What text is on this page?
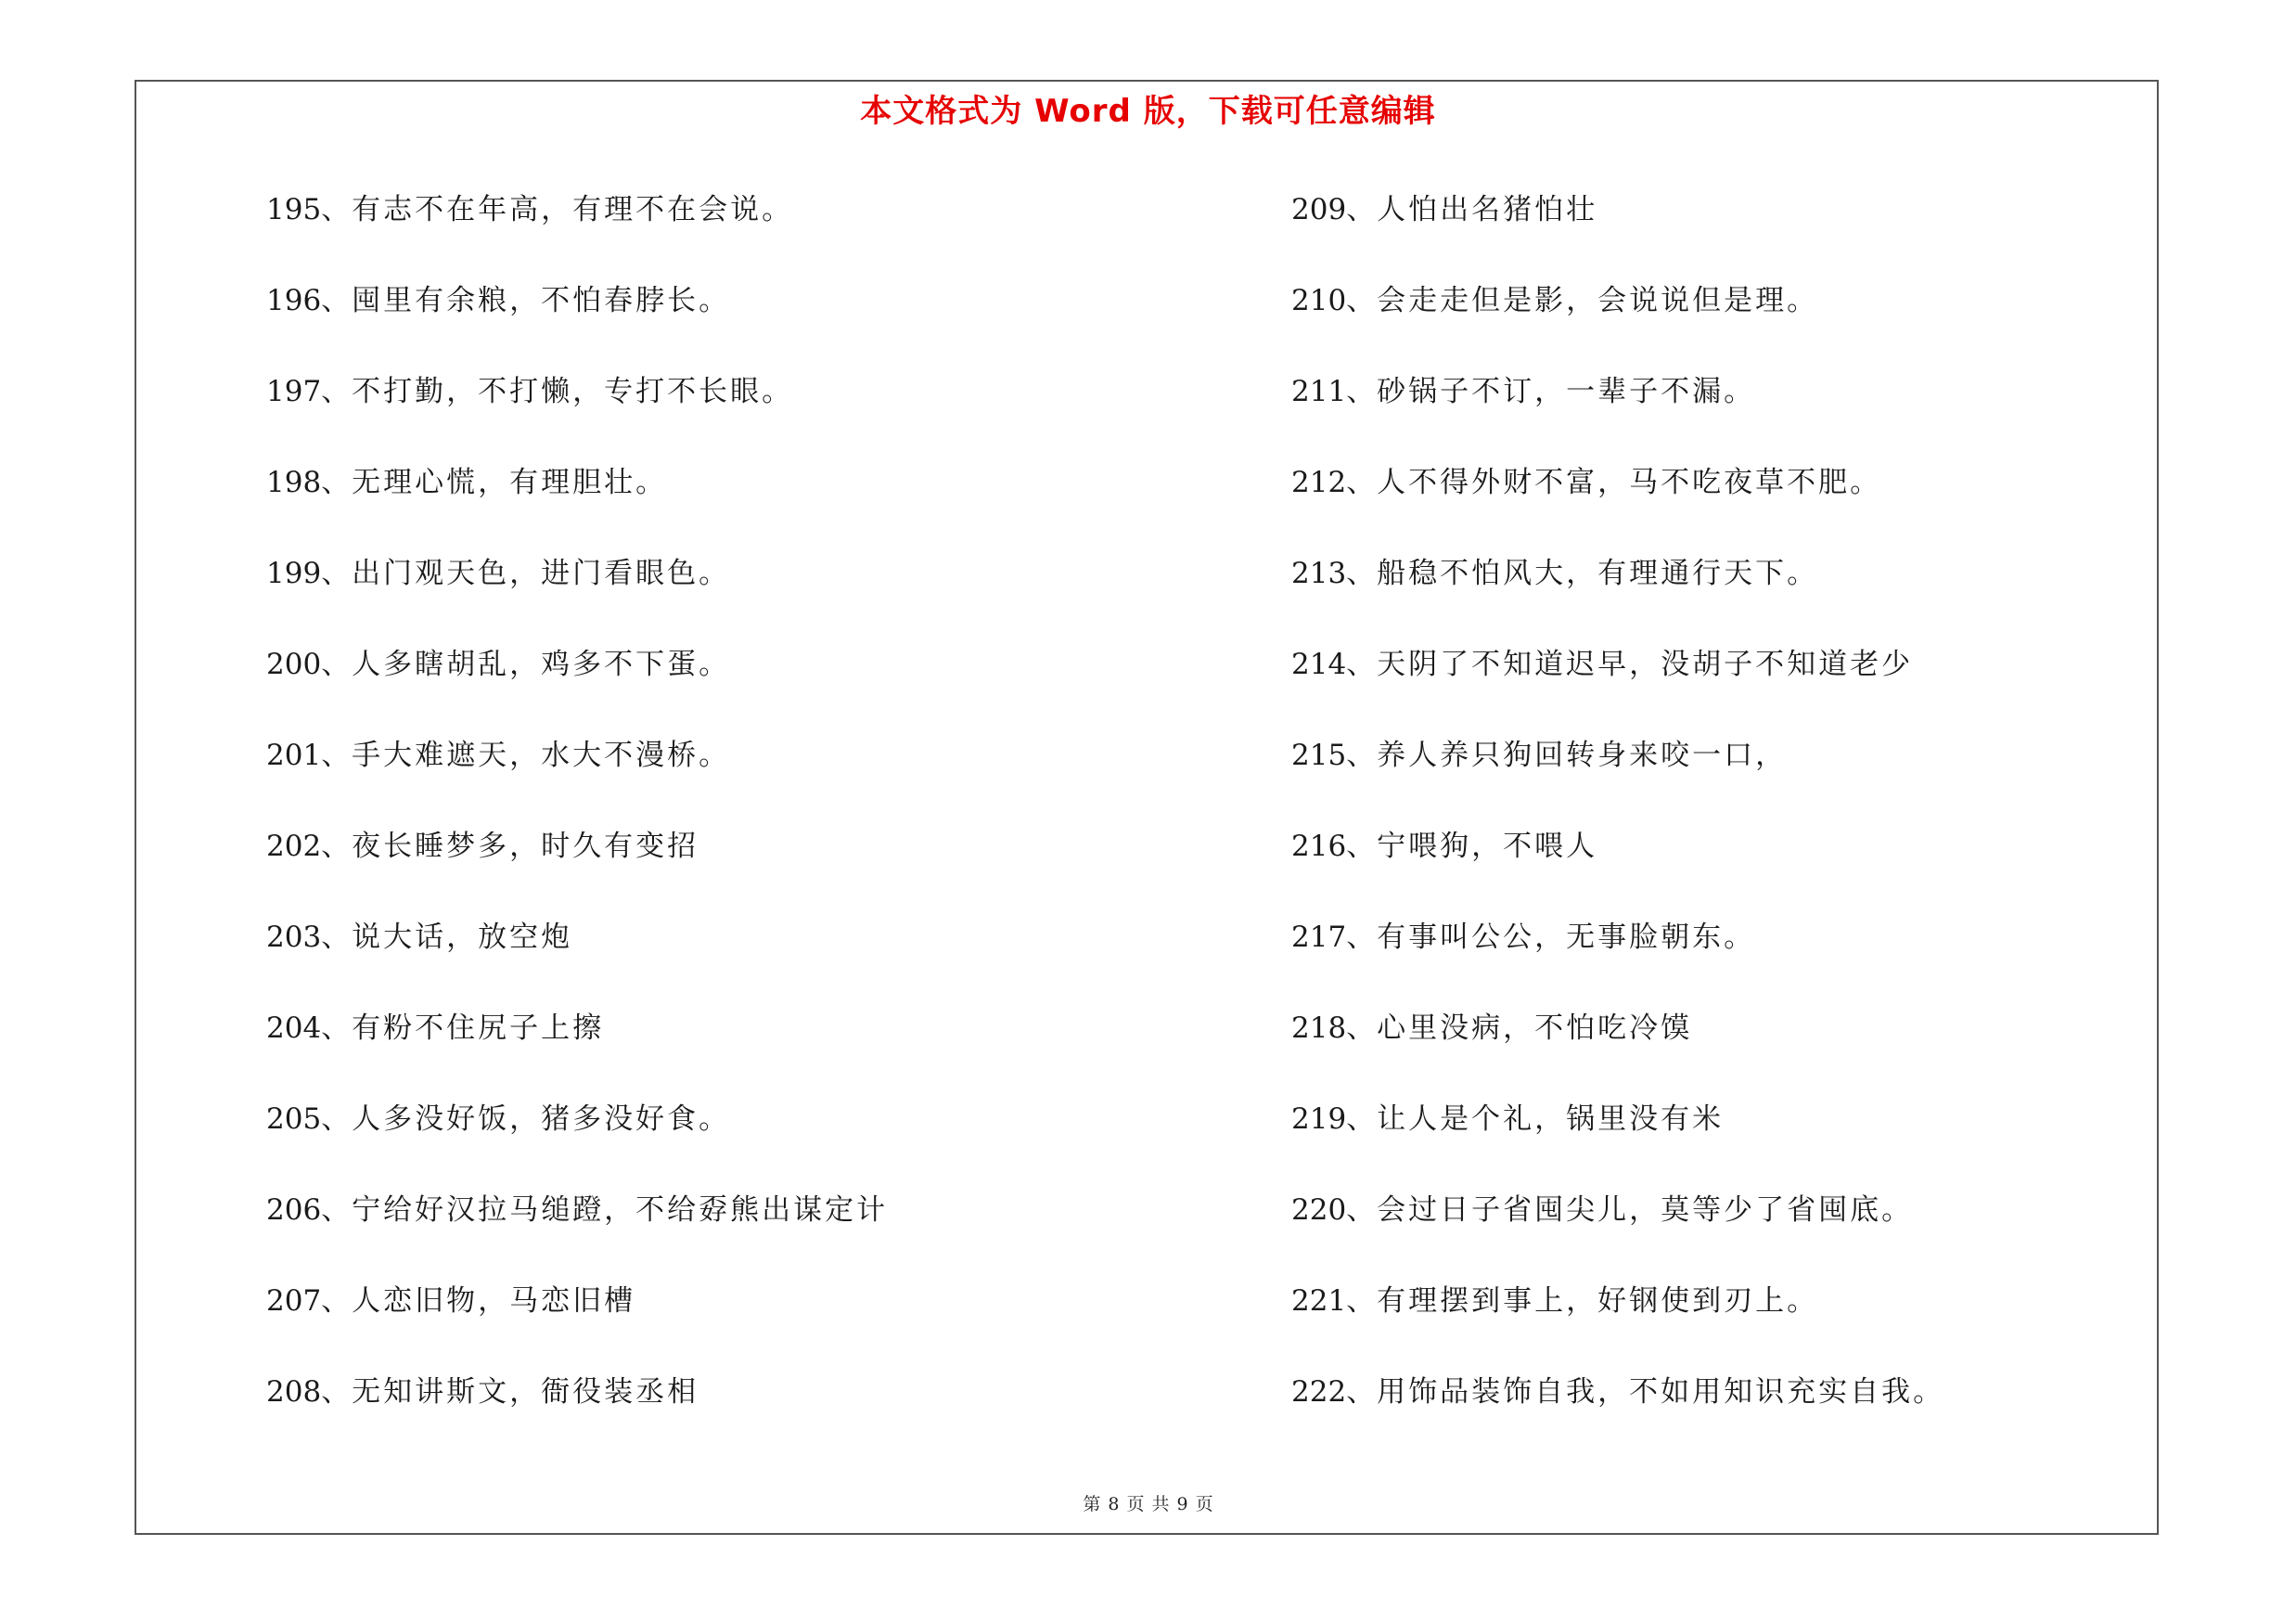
本文格式为 Word 版，下载可任意编辑
195、有志不在年高，有理不在会说。
196、囤里有余粮，不怕春脖长。
197、不打勤，不打懒，专打不长眼。
198、无理心慌，有理胆壮。
199、出门观天色，进门看眼色。
200、人多瞎胡乱，鸡多不下蛋。
201、手大难遮天，水大不漫桥。
202、夜长睡梦多，时久有变招
203、说大话，放空炮
204、有粉不住尻子上擦
205、人多没好饭，猪多没好食。
206、宁给好汉拉马缒蹬，不给孬熊出谋定计
207、人恋旧物，马恋旧槽
208、无知讲斯文，衙役装丞相
209、人怕出名猪怕壮
210、会走走但是影，会说说但是理。
211、砂锅子不订，一辈子不漏。
212、人不得外财不富，马不吃夜草不肥。
213、船稳不怕风大，有理通行天下。
214、天阴了不知道迟早，没胡子不知道老少
215、养人养只狗回转身来咬一口，
216、宁喂狗，不喂人
217、有事叫公公，无事脸朝东。
218、心里没病，不怕吃冷馍
219、让人是个礼，锅里没有米
220、会过日子省囤尖儿，莫等少了省囤底。
221、有理摆到事上，好钢使到刃上。
222、用饰品装饰自我，不如用知识充实自我。
第 8 页 共 9 页
